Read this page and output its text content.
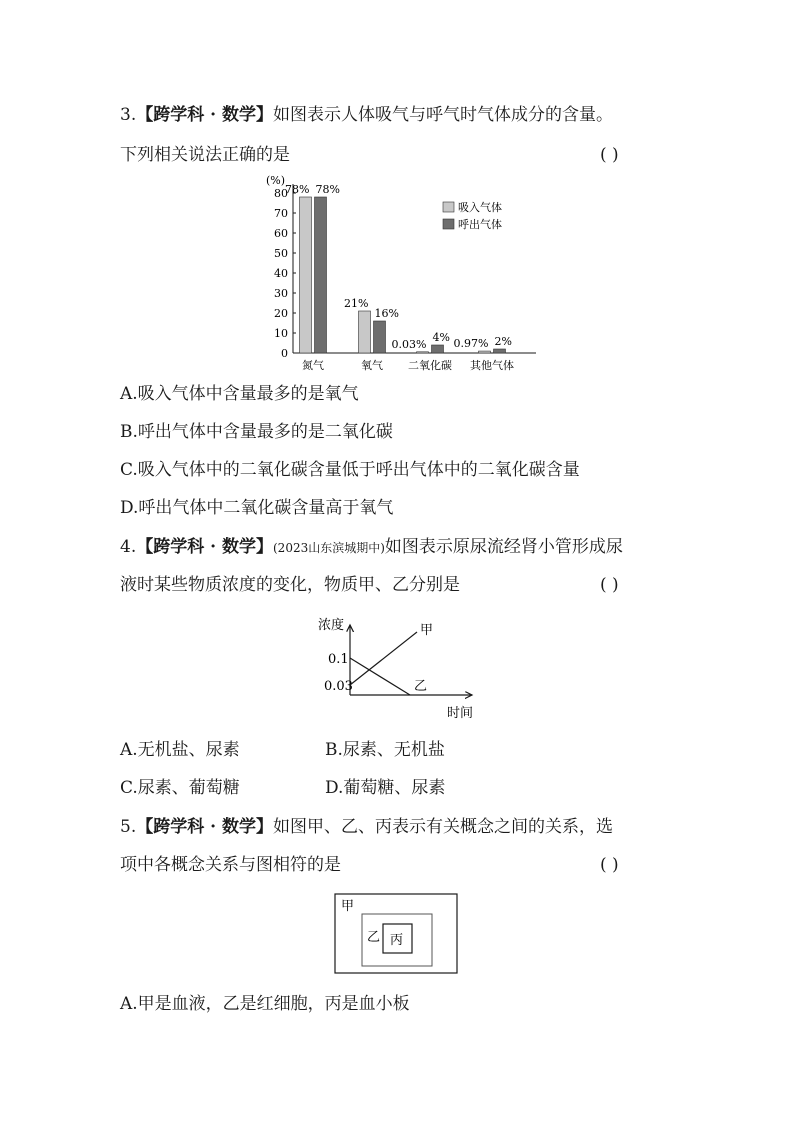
3.【跨学科 · 数学】如图表示人体吸气与呼气时气体成分的含量。
下列相关说法正确的是	( )
(%)
0
10
20
30
40
50
60
70
80
氮气	氧气 二氧化碳 其他气体
78% 78%
21%
16%
0.03%
4% 0.97% 2%
吸入气体
呼出气体
A.吸入气体中含量最多的是氧气
B.呼出气体中含量最多的是二氧化碳
C.吸入气体中的二氧化碳含量低于呼出气体中的二氧化碳含量
D.呼出气体中二氧化碳含量高于氧气
4.【跨学科 · 数学】(2023山东滨城期中)如图表示原尿流经肾小管形成尿
液时某些物质浓度的变化，物质甲、乙分别是	( )
浓度
时间
0.1
0.03
甲
乙
A.无机盐、尿素	B.尿素、无机盐
C.尿素、葡萄糖	D.葡萄糖、尿素
5.【跨学科 · 数学】如图甲、乙、丙表示有关概念之间的关系，选
项中各概念关系与图相符的是	( )
甲
乙 丙
A.甲是血液，乙是红细胞，丙是血小板
